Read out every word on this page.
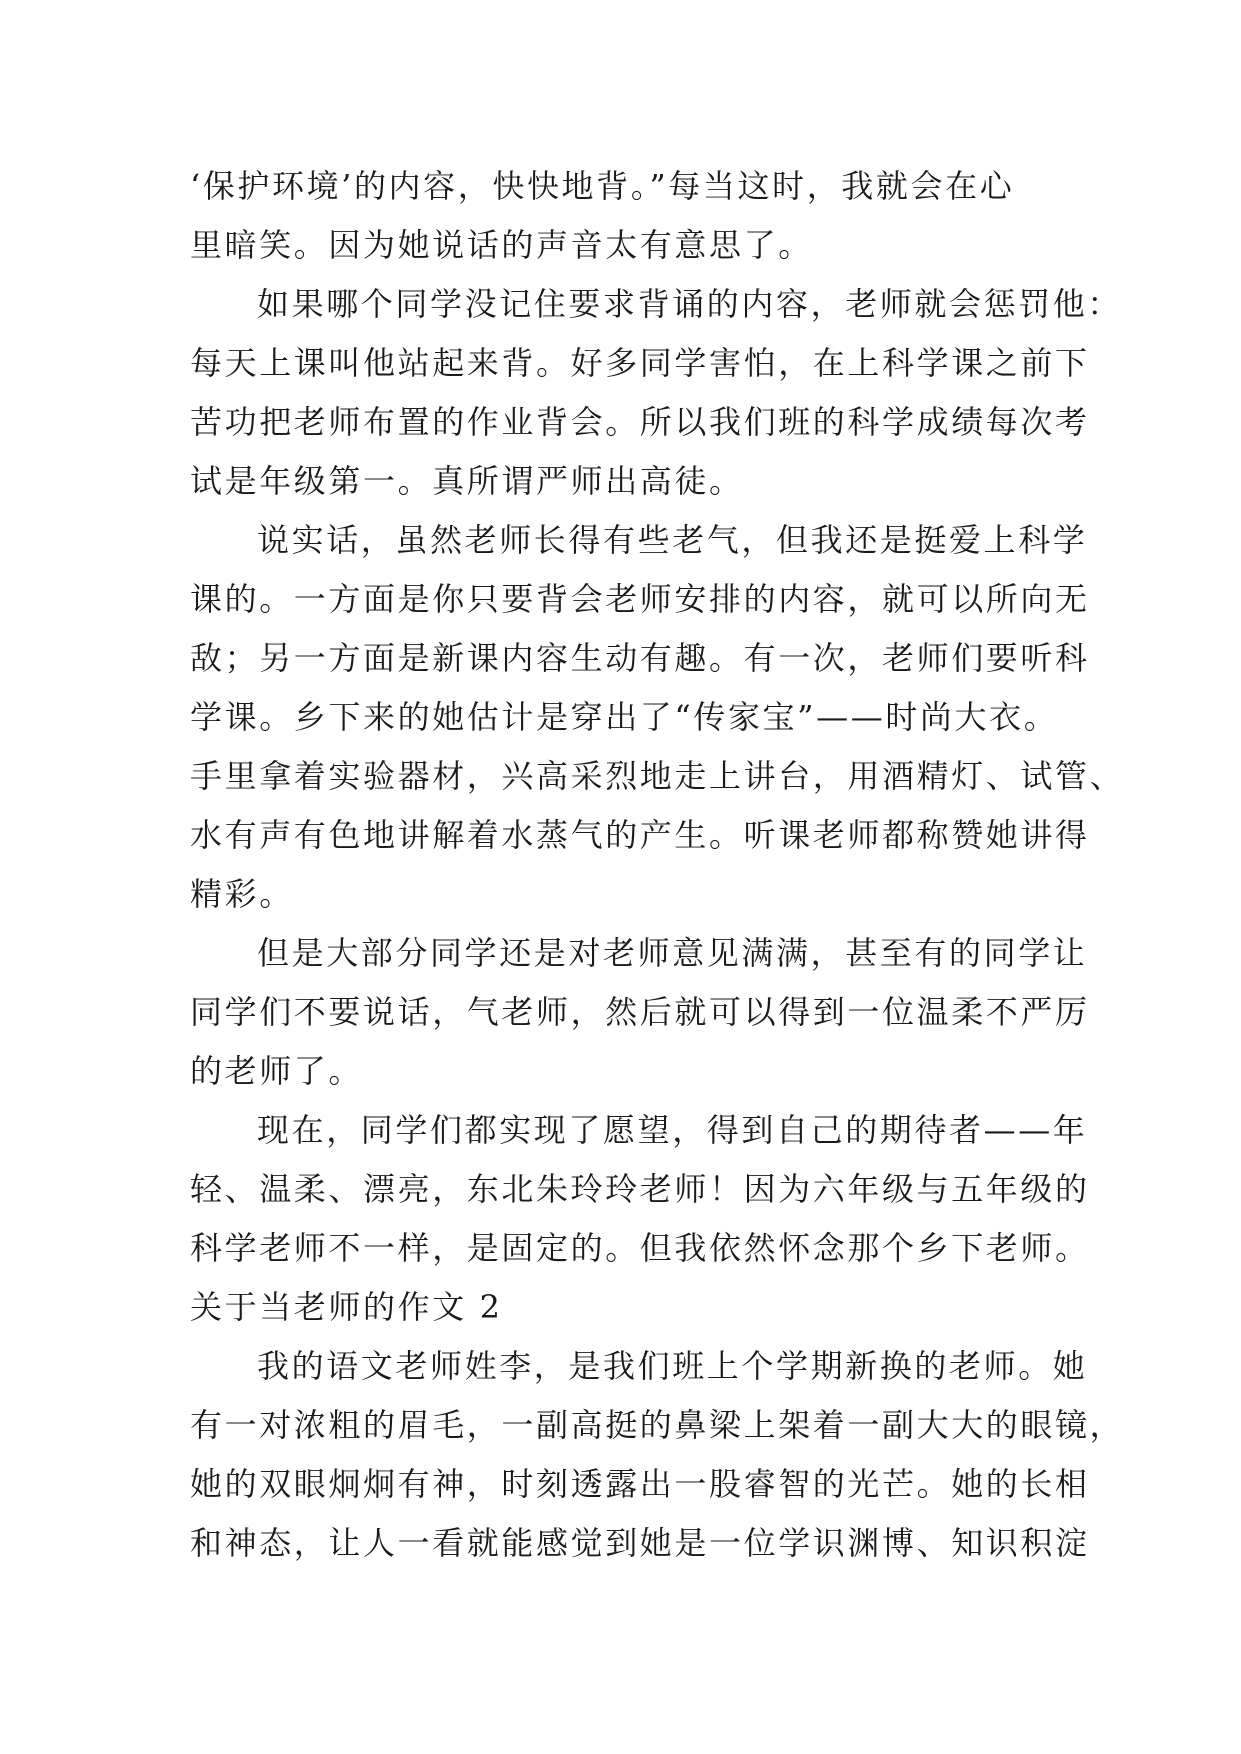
‘保护环境’的内容，快快地背。”每当这时，我就会在心
里暗笑。因为她说话的声音太有意思了。
如果哪个同学没记住要求背诵的内容，老师就会惩罚他：
每天上课叫他站起来背。好多同学害怕，在上科学课之前下
苦功把老师布置的作业背会。所以我们班的科学成绩每次考
试是年级第一。真所谓严师出高徒。
说实话，虽然老师长得有些老气，但我还是挺爱上科学
课的。一方面是你只要背会老师安排的内容，就可以所向无
敌；另一方面是新课内容生动有趣。有一次，老师们要听科
学课。乡下来的她估计是穿出了“传家宝”——时尚大衣。
手里拿着实验器材，兴高采烈地走上讲台，用酒精灯、试管、
水有声有色地讲解着水蒸气的产生。听课老师都称赞她讲得
精彩。
但是大部分同学还是对老师意见满满，甚至有的同学让
同学们不要说话，气老师，然后就可以得到一位温柔不严厉
的老师了。
现在，同学们都实现了愿望，得到自己的期待者——年
轻、温柔、漂亮，东北朱玲玲老师！因为六年级与五年级的
科学老师不一样，是固定的。但我依然怀念那个乡下老师。
关于当老师的作文 2
我的语文老师姓李，是我们班上个学期新换的老师。她
有一对浓粗的眉毛，一副高挺的鼻梁上架着一副大大的眼镜，
她的双眼炯炯有神，时刻透露出一股睿智的光芒。她的长相
和神态，让人一看就能感觉到她是一位学识渊博、知识积淀
